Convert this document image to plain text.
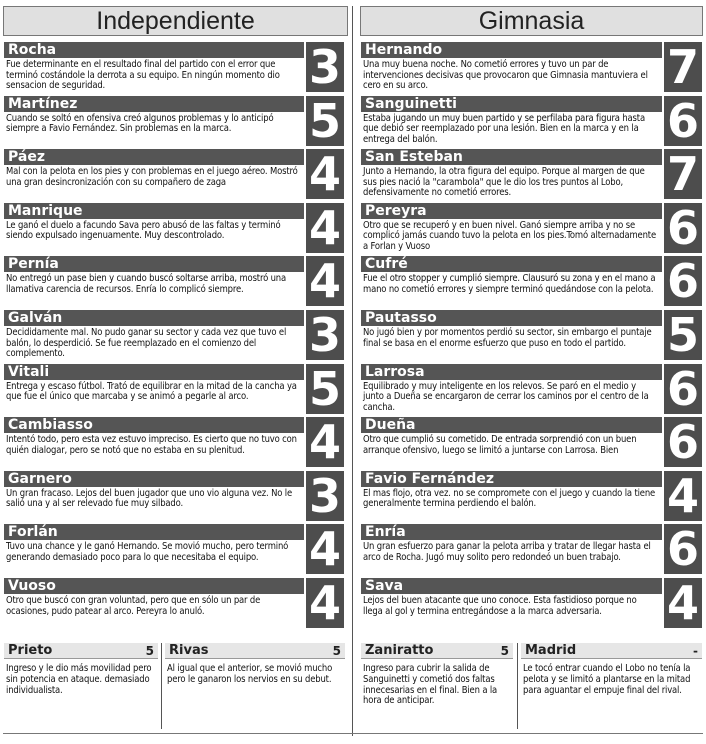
Independiente	Gimnasia
Rocha
Fue determinante en el resultado final del partido con el error que terminó costándole la derrota a su equipo. En ningún momento dio sensacion de seguridad.	3
Martínez
Cuando se soltó en ofensiva creó algunos problemas y lo anticipó siempre a Favio Fernández. Sin problemas en la marca.	5
Páez
Mal con la pelota en los pies y con problemas en el juego aéreo. Mostró una gran desincronización con su compañero de zaga	4
Manrique
Le ganó el duelo a facundo Sava pero abusó de las faltas y terminó siendo expulsado ingenuamente. Muy descontrolado.	4
Pernía
No entregó un pase bien y cuando buscó soltarse arriba, mostró una llamativa carencia de recursos. Enría lo complicó siempre.	4
Galván
Decididamente mal. No pudo ganar su sector y cada vez que tuvo el balón, lo desperdició. Se fue reemplazado en el comienzo del complemento.	3
Vitali
Entrega y escaso fútbol. Trató de equilibrar en la mitad de la cancha ya que fue el único que marcaba y se animó a pegarle al arco.	5
Cambiasso
Intentó todo, pero esta vez estuvo impreciso. Es cierto que no tuvo con quién dialogar, pero se notó que no estaba en su plenitud.	4
Garnero
Un gran fracaso. Lejos del buen jugador que uno vio alguna vez. No le salió una y al ser relevado fue muy silbado.	3
Forlán
Tuvo una chance y le ganó Hernando. Se movió mucho, pero terminó generando demasiado poco para lo que necesitaba el equipo.	4
Vuoso
Otro que buscó con gran voluntad, pero que en sólo un par de ocasiones, pudo patear al arco. Pereyra lo anuló.	4
Hernando
Una muy buena noche. No cometió errores y tuvo un par de intervenciones decisivas que provocaron que Gimnasia mantuviera el cero en su arco.	7
Sanguinetti
Estaba jugando un muy buen partido y se perfilaba para figura hasta que debió ser reemplazado por una lesión. Bien en la marca y en la entrega del balón.	6
San Esteban
Junto a Hernando, la otra figura del equipo. Porque al margen de que sus pies nació la "carambola" que le dio los tres puntos al Lobo, defensivamente no cometió errores.	7
Pereyra
Otro que se recuperó y en buen nivel. Ganó siempre arriba y no se complicó jamás cuando tuvo la pelota en los pies.Tomó alternadamente a Forlan y Vuoso	6
Cufré
Fue el otro stopper y cumplió siempre. Clausuró su zona y en el mano a mano no cometió errores y siempre terminó quedándose con la pelota. 6
Pautasso
No jugó bien y por momentos perdió su sector, sin embargo el puntaje final se basa en el enorme esfuerzo que puso en todo el partido. 5
Larrosa
Equilibrado y muy inteligente en los relevos. Se paró en el medio y junto a Dueña se encargaron de cerrar los caminos por el centro de la cancha.	6
Dueña
Otro que cumplió su cometido. De entrada sorprendió con un buen arranque ofensivo, luego se limitó a juntarse con Larrosa. Bien	6
Favio Fernández
El mas flojo, otra vez. no se compromete con el juego y cuando la tiene generalmente termina perdiendo el balón.	4
Enría
Un gran esfuerzo para ganar la pelota arriba y tratar de llegar hasta el arco de Rocha. Jugó muy solito pero redondeó un buen trabajo.	6
Sava
Lejos del buen atacante que uno conoce. Esta fastidioso porque no llega al gol y termina entregándose a la marca adversaria.	4
Prieto	5
Ingreso y le dio más movilidad pero sin potencia en ataque. demasiado individualista.
Rivas	5
Al igual que el anterior, se movió mucho pero le ganaron los nervios en su debut.
Zaniratto	5
Ingreso para cubrir la salida de Sanguinetti y cometió dos faltas innecesarias en el final. Bien a la hora de anticipar.
Madrid	-
Le tocó entrar cuando el Lobo no tenía la pelota y se limitó a plantarse en la mitad para aguantar el empuje final del rival.
